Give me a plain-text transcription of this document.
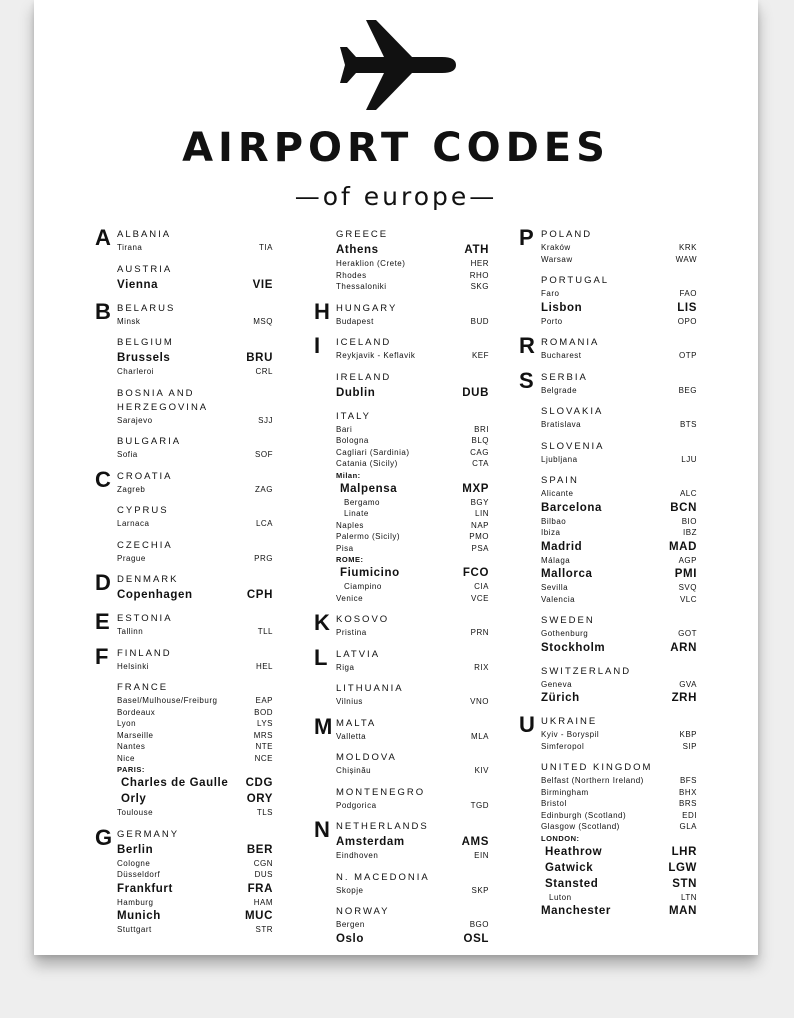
AIRPORT CODES
—of europe—
A ALBANIA
Tirana	TIA
AUSTRIA
Vienna	VIE
B BELARUS
Minsk	MSQ
BELGIUM
Brussels	BRU
Charleroi	CRL
BOSNIA AND
HERZEGOVINA
Sarajevo	SJJ
BULGARIA
Sofia	SOF
C CROATIA
Zagreb	ZAG
CYPRUS
Larnaca	LCA
CZECHIA
Prague	PRG
D DENMARK
Copenhagen	CPH
E ESTONIA
Tallinn	TLL
F FINLAND
Helsinki	HEL
FRANCE
Basel/Mulhouse/Freiburg	EAP
Bordeaux	BOD
Lyon	LYS
Marseille	MRS
Nantes	NTE
Nice	NCE
PARIS:
Charles de Gaulle CDG
Orly	ORY
Toulouse	TLS
G GERMANY
Berlin	BER
Cologne	CGN
Düsseldorf	DUS
Frankfurt	FRA
Hamburg	HAM
Munich	MUC
Stuttgart	STR
GREECE
Athens	ATH
Heraklion (Crete)	HER
Rhodes	RHO
Thessaloniki	SKG
H HUNGARY
Budapest	BUD
I ICELAND
Reykjavik - Keflavik	KEF
IRELAND
Dublin	DUB
ITALY
Bari	BRI
Bologna	BLQ
Cagliari (Sardinia)	CAG
Catania (Sicily)	CTA
Milan:
Malpensa	MXP
Bergamo	BGY
Linate	LIN
Naples	NAP
Palermo (Sicily)	PMO
Pisa	PSA
ROME:
Fiumicino	FCO
Ciampino	CIA
Venice	VCE
K KOSOVO
Pristina	PRN
L LATVIA
Riga	RIX
LITHUANIA
Vilnius	VNO
M MALTA
Valletta	MLA
MOLDOVA
Chișinău	KIV
MONTENEGRO
Podgorica	TGD
N NETHERLANDS
Amsterdam	AMS
Eindhoven	EIN
N. MACEDONIA
Skopje	SKP
NORWAY
Bergen	BGO
Oslo	OSL
P POLAND
Kraków	KRK
Warsaw	WAW
PORTUGAL
Faro	FAO
Lisbon	LIS
Porto	OPO
R ROMANIA
Bucharest	OTP
S SERBIA
Belgrade	BEG
SLOVAKIA
Bratislava	BTS
SLOVENIA
Ljubljana	LJU
SPAIN
Alicante	ALC
Barcelona	BCN
Bilbao	BIO
Ibiza	IBZ
Madrid	MAD
Málaga	AGP
Mallorca	PMI
Sevilla	SVQ
Valencia	VLC
SWEDEN
Gothenburg	GOT
Stockholm	ARN
SWITZERLAND
Geneva	GVA
Zürich	ZRH
U UKRAINE
Kyiv - Boryspil	KBP
Simferopol	SIP
UNITED KINGDOM
Belfast (Northern Ireland)	BFS
Birmingham	BHX
Bristol	BRS
Edinburgh (Scotland)	EDI
Glasgow (Scotland)	GLA
LONDON:
Heathrow	LHR
Gatwick	LGW
Stansted	STN
Luton	LTN
Manchester	MAN
